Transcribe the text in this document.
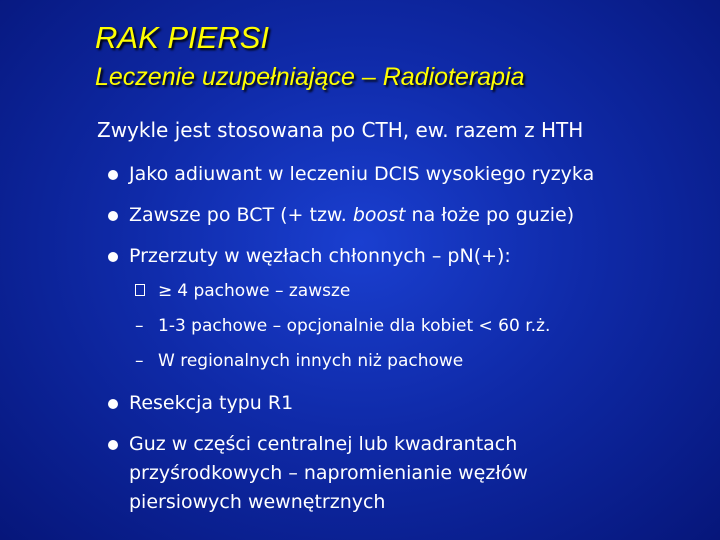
RAK PIERSI
Leczenie uzupełniające – Radioterapia
Zwykle jest stosowana po CTH, ew. razem z HTH
Jako adiuwant w leczeniu DCIS wysokiego ryzyka
Zawsze po BCT (+ tzw. boost na łoże po guzie)
Przerzuty w węzłach chłonnych – pN(+):
≥ 4 pachowe – zawsze
– 1-3 pachowe – opcjonalnie dla kobiet < 60 r.ż.
– W regionalnych innych niż pachowe
Resekcja typu R1
Guz w części centralnej lub kwadrantach przyśrodkowych – napromienianie węzłów piersiowych wewnętrznych
